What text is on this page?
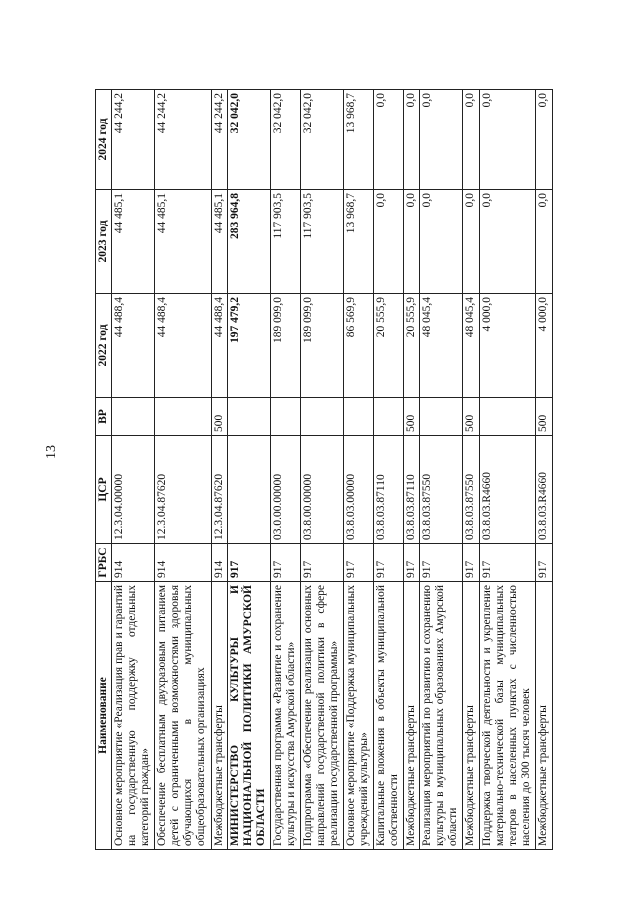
13
Наименование	ГРБС	ЦСР	ВР	2022 год	2023 год	2024 год
Основное мероприятие «Реализация прав и гарантий на государственную поддержку отдельных категорий граждан»	914	12.3.04.00000		44 488,4	44 485,1	44 244,2
Обеспечение бесплатным двухразовым питанием детей с ограниченными возможностями здоровья обучающихся в муниципальных общеобразовательных организациях	914	12.3.04.87620		44 488,4	44 485,1	44 244,2
Межбюджетные трансферты	914	12.3.04.87620	500	44 488,4	44 485,1	44 244,2
МИНИСТЕРСТВО КУЛЬТУРЫ И НАЦИОНАЛЬНОЙ ПОЛИТИКИ АМУРСКОЙ ОБЛАСТИ	917			197 479,2	283 964,8	32 042,0
Государственная программа «Развитие и сохранение культуры и искусства Амурской области»	917	03.0.00.00000		189 099,0	117 903,5	32 042,0
Подпрограмма «Обеспечение реализации основных направлений государственной политики в сфере реализации государственной программы»	917	03.8.00.00000		189 099,0	117 903,5	32 042,0
Основное мероприятие «Поддержка муниципальных учреждений культуры»	917	03.8.03.00000		86 569,9	13 968,7	13 968,7
Капитальные вложения в объекты муниципальной собственности	917	03.8.03.87110		20 555,9	0,0	0,0
Межбюджетные трансферты	917	03.8.03.87110	500	20 555,9	0,0	0,0
Реализация мероприятий по развитию и сохранению культуры в муниципальных образованиях Амурской области	917	03.8.03.87550		48 045,4	0,0	0,0
Межбюджетные трансферты	917	03.8.03.87550	500	48 045,4	0,0	0,0
Поддержка творческой деятельности и укрепление материально-технической базы муниципальных театров в населенных пунктах с численностью населения до 300 тысяч человек	917	03.8.03.R4660		4 000,0	0,0	0,0
Межбюджетные трансферты	917	03.8.03.R4660	500	4 000,0	0,0	0,0
